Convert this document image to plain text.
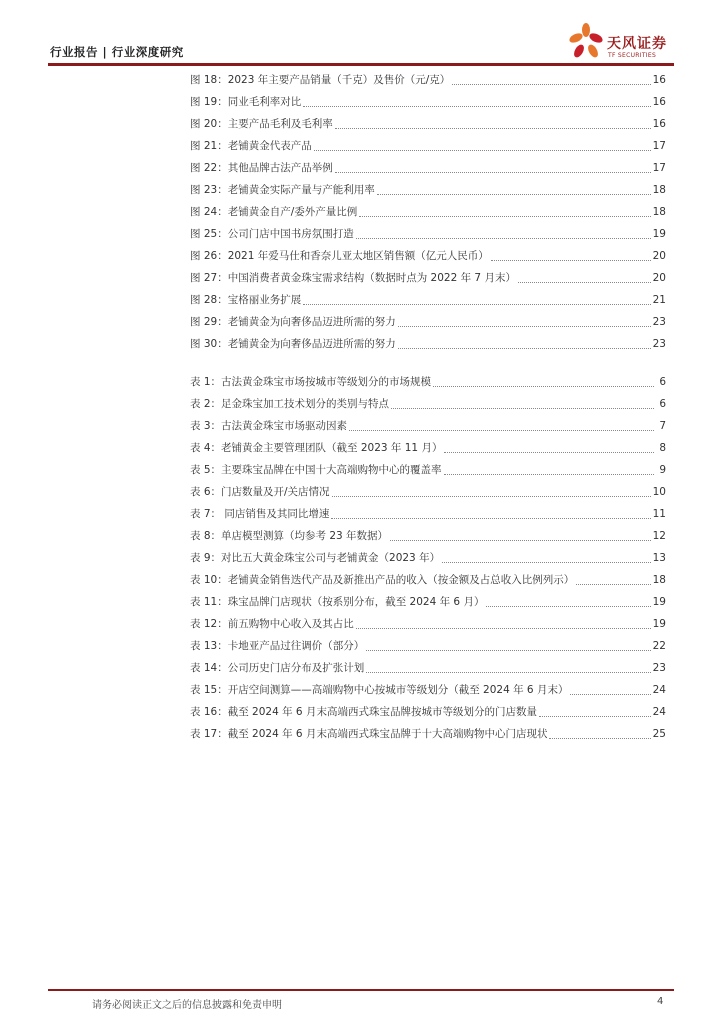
行业报告 | 行业深度研究	天风证券
TF SECURITIES
图 18：2023 年主要产品销量（千克）及售价（元/克）	16
图 19：同业毛利率对比	16
图 20：主要产品毛利及毛利率	16
图 21：老铺黄金代表产品	17
图 22：其他品牌古法产品举例	17
图 23：老铺黄金实际产量与产能利用率	18
图 24：老铺黄金自产/委外产量比例	18
图 25：公司门店中国书房氛围打造	19
图 26：2021 年爱马仕和香奈儿亚太地区销售额（亿元人民币）	20
图 27：中国消费者黄金珠宝需求结构（数据时点为 2022 年 7 月末）	20
图 28：宝格丽业务扩展	21
图 29：老铺黄金为向奢侈品迈进所需的努力	23
图 30：老铺黄金为向奢侈品迈进所需的努力	23
表 1：古法黄金珠宝市场按城市等级划分的市场规模	6
表 2：足金珠宝加工技术划分的类别与特点	6
表 3：古法黄金珠宝市场驱动因素	7
表 4：老铺黄金主要管理团队（截至 2023 年 11 月）	8
表 5：主要珠宝品牌在中国十大高端购物中心的覆盖率	9
表 6：门店数量及开/关店情况	10
表 7： 同店销售及其同比增速	11
表 8：单店模型测算（均参考 23 年数据）	12
表 9：对比五大黄金珠宝公司与老铺黄金（2023 年）	13
表 10：老铺黄金销售迭代产品及新推出产品的收入（按金额及占总收入比例列示）	18
表 11：珠宝品牌门店现状（按系别分布，截至 2024 年 6 月）	19
表 12：前五购物中心收入及其占比	19
表 13：卡地亚产品过往调价（部分）	22
表 14：公司历史门店分布及扩张计划	23
表 15：开店空间测算——高端购物中心按城市等级划分（截至 2024 年 6 月末）	24
表 16：截至 2024 年 6 月末高端西式珠宝品牌按城市等级划分的门店数量	24
表 17：截至 2024 年 6 月末高端西式珠宝品牌于十大高端购物中心门店现状	25
请务必阅读正文之后的信息披露和免责申明	4
